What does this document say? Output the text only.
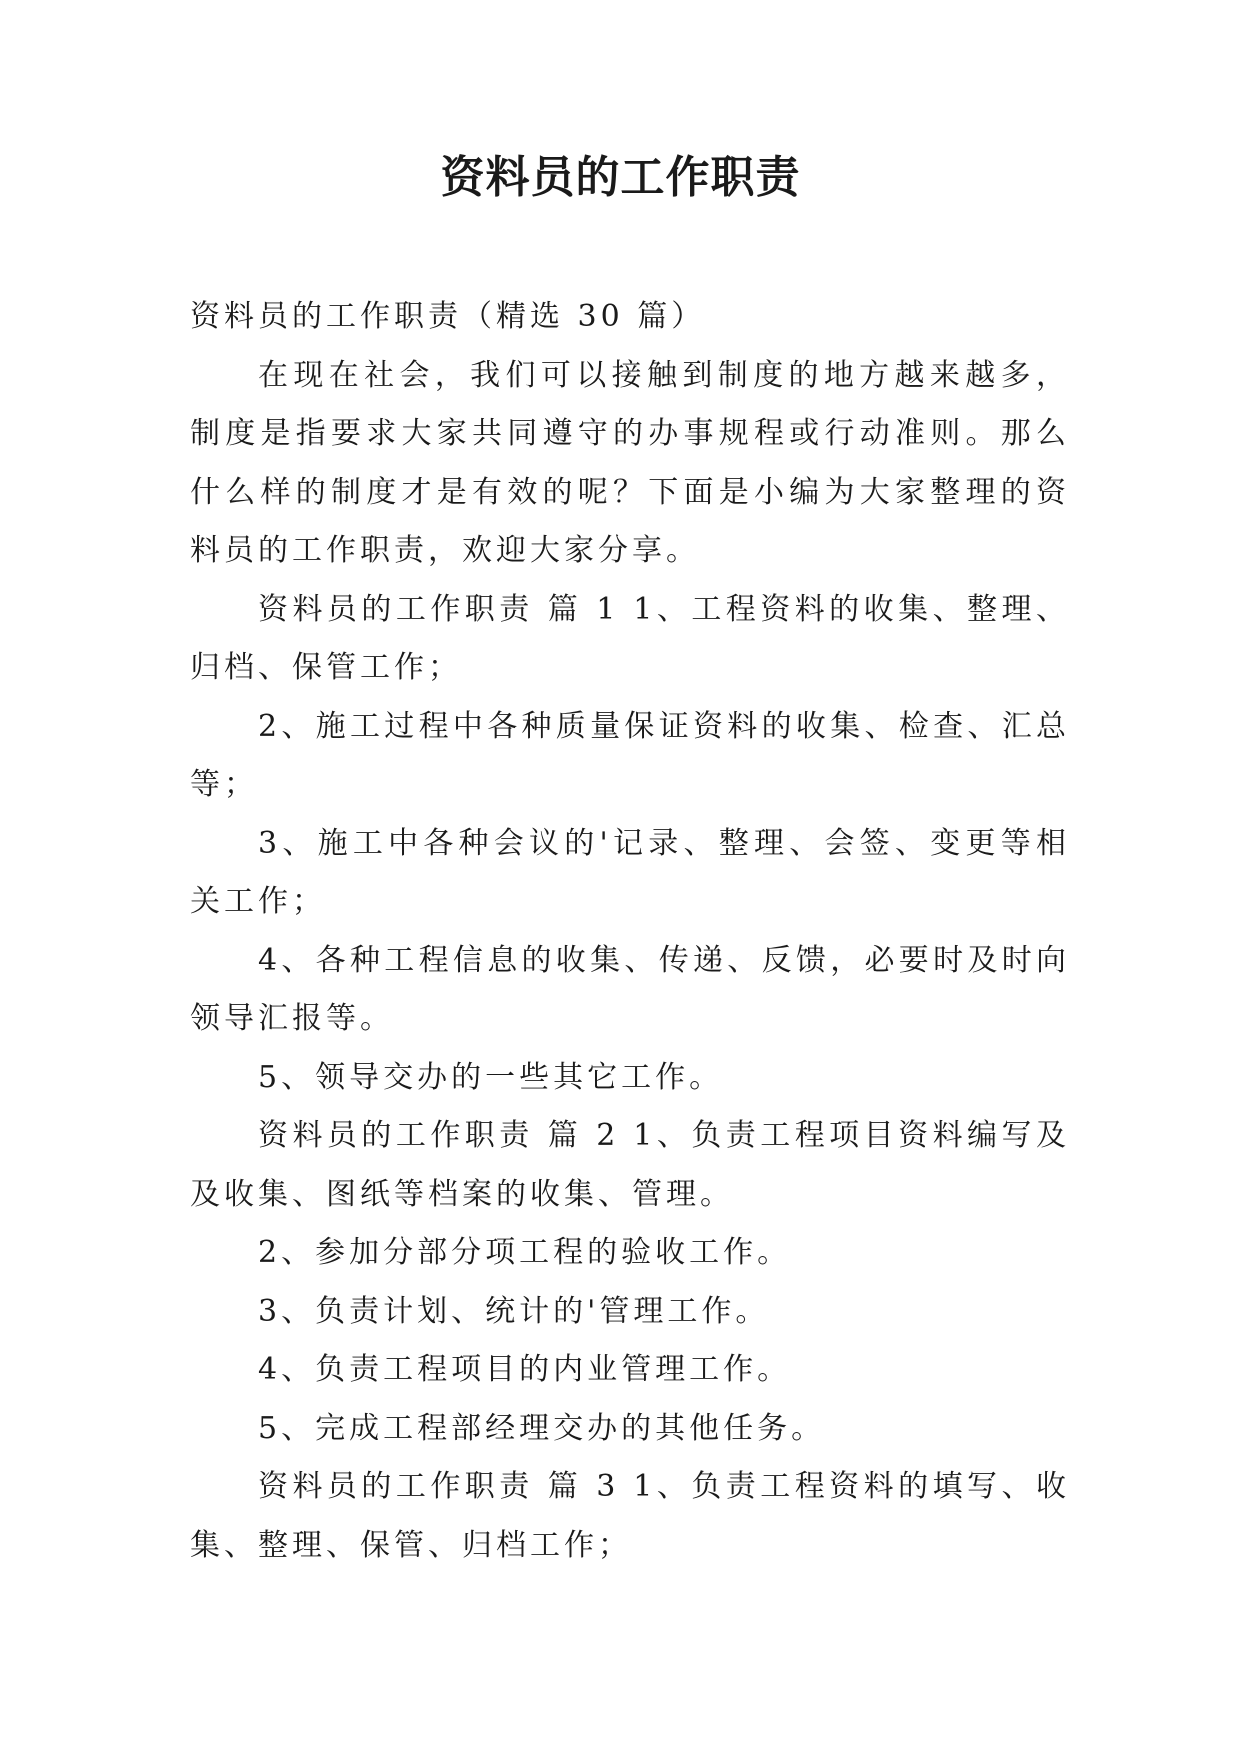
资料员的工作职责

资料员的工作职责（精选 30 篇）

在现在社会，我们可以接触到制度的地方越来越多，制度是指要求大家共同遵守的办事规程或行动准则。那么什么样的制度才是有效的呢？下面是小编为大家整理的资料员的工作职责，欢迎大家分享。

资料员的工作职责 篇 1 1、工程资料的收集、整理、归档、保管工作；

2、施工过程中各种质量保证资料的收集、检查、汇总等；

3、施工中各种会议的'记录、整理、会签、变更等相关工作；

4、各种工程信息的收集、传递、反馈，必要时及时向领导汇报等。

5、领导交办的一些其它工作。

资料员的工作职责 篇 2 1、负责工程项目资料编写及及收集、图纸等档案的收集、管理。

2、参加分部分项工程的验收工作。

3、负责计划、统计的'管理工作。

4、负责工程项目的内业管理工作。

5、完成工程部经理交办的其他任务。

资料员的工作职责 篇 3 1、负责工程资料的填写、收集、整理、保管、归档工作；
